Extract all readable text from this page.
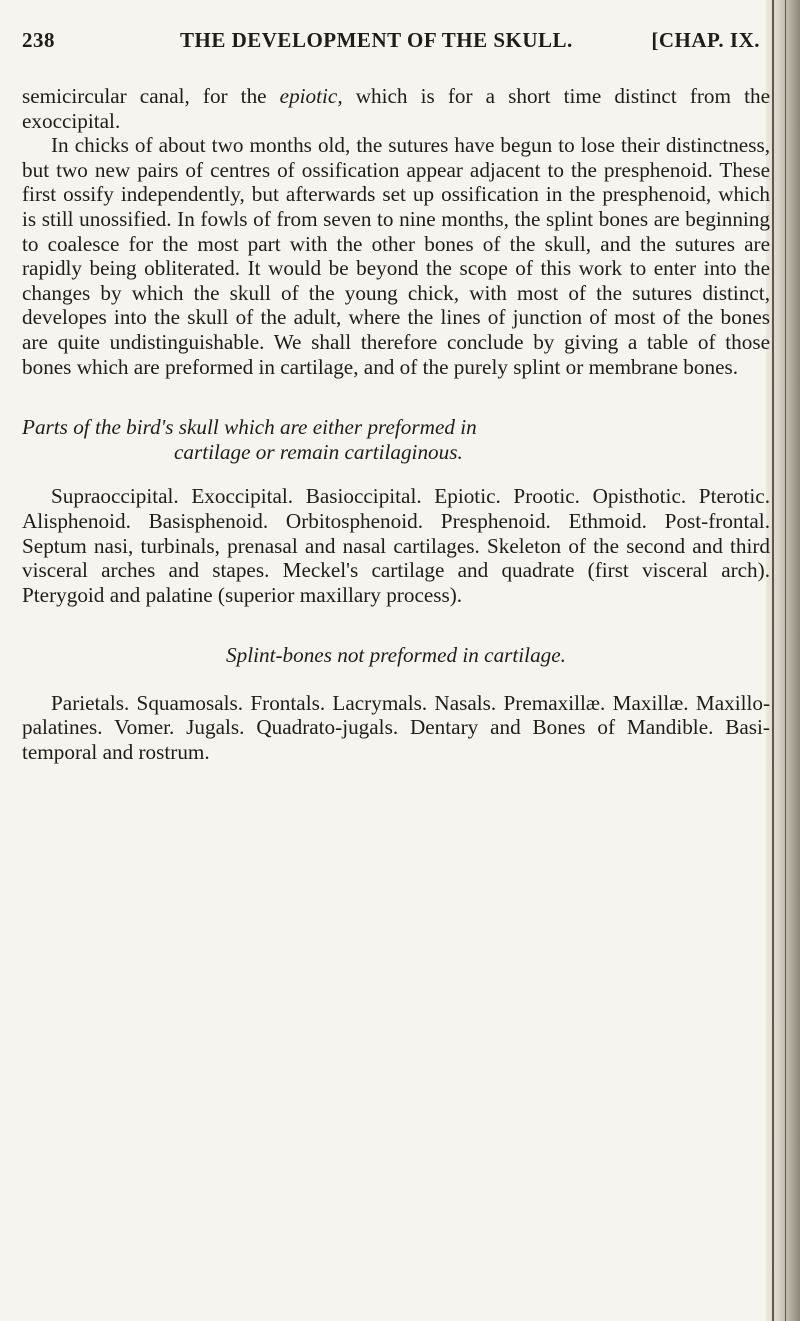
238	THE DEVELOPMENT OF THE SKULL.	[CHAP. IX.

semicircular canal, for the epiotic, which is for a short time distinct from the exoccipital.

In chicks of about two months old, the sutures have begun to lose their distinctness, but two new pairs of centres of ossification appear adjacent to the presphenoid. These first ossify independently, but afterwards set up ossification in the presphenoid, which is still unossified. In fowls of from seven to nine months, the splint bones are beginning to coalesce for the most part with the other bones of the skull, and the sutures are rapidly being obliterated. It would be beyond the scope of this work to enter into the changes by which the skull of the young chick, with most of the sutures distinct, developes into the skull of the adult, where the lines of junction of most of the bones are quite undistinguishable. We shall therefore conclude by giving a table of those bones which are preformed in cartilage, and of the purely splint or membrane bones.

Parts of the bird's skull which are either preformed in
cartilage or remain cartilaginous.

Supraoccipital. Exoccipital. Basioccipital. Epiotic. Prootic. Opisthotic. Pterotic. Alisphenoid. Basisphenoid. Orbitosphenoid. Presphenoid. Ethmoid. Post-frontal. Septum nasi, turbinals, prenasal and nasal cartilages. Skeleton of the second and third visceral arches and stapes. Meckel's cartilage and quadrate (first visceral arch). Pterygoid and palatine (superior maxillary process).

Splint-bones not preformed in cartilage.

Parietals. Squamosals. Frontals. Lacrymals. Nasals. Premaxillæ. Maxillæ. Maxillo-palatines. Vomer. Jugals. Quadrato-jugals. Dentary and Bones of Mandible. Basi-temporal and rostrum.
